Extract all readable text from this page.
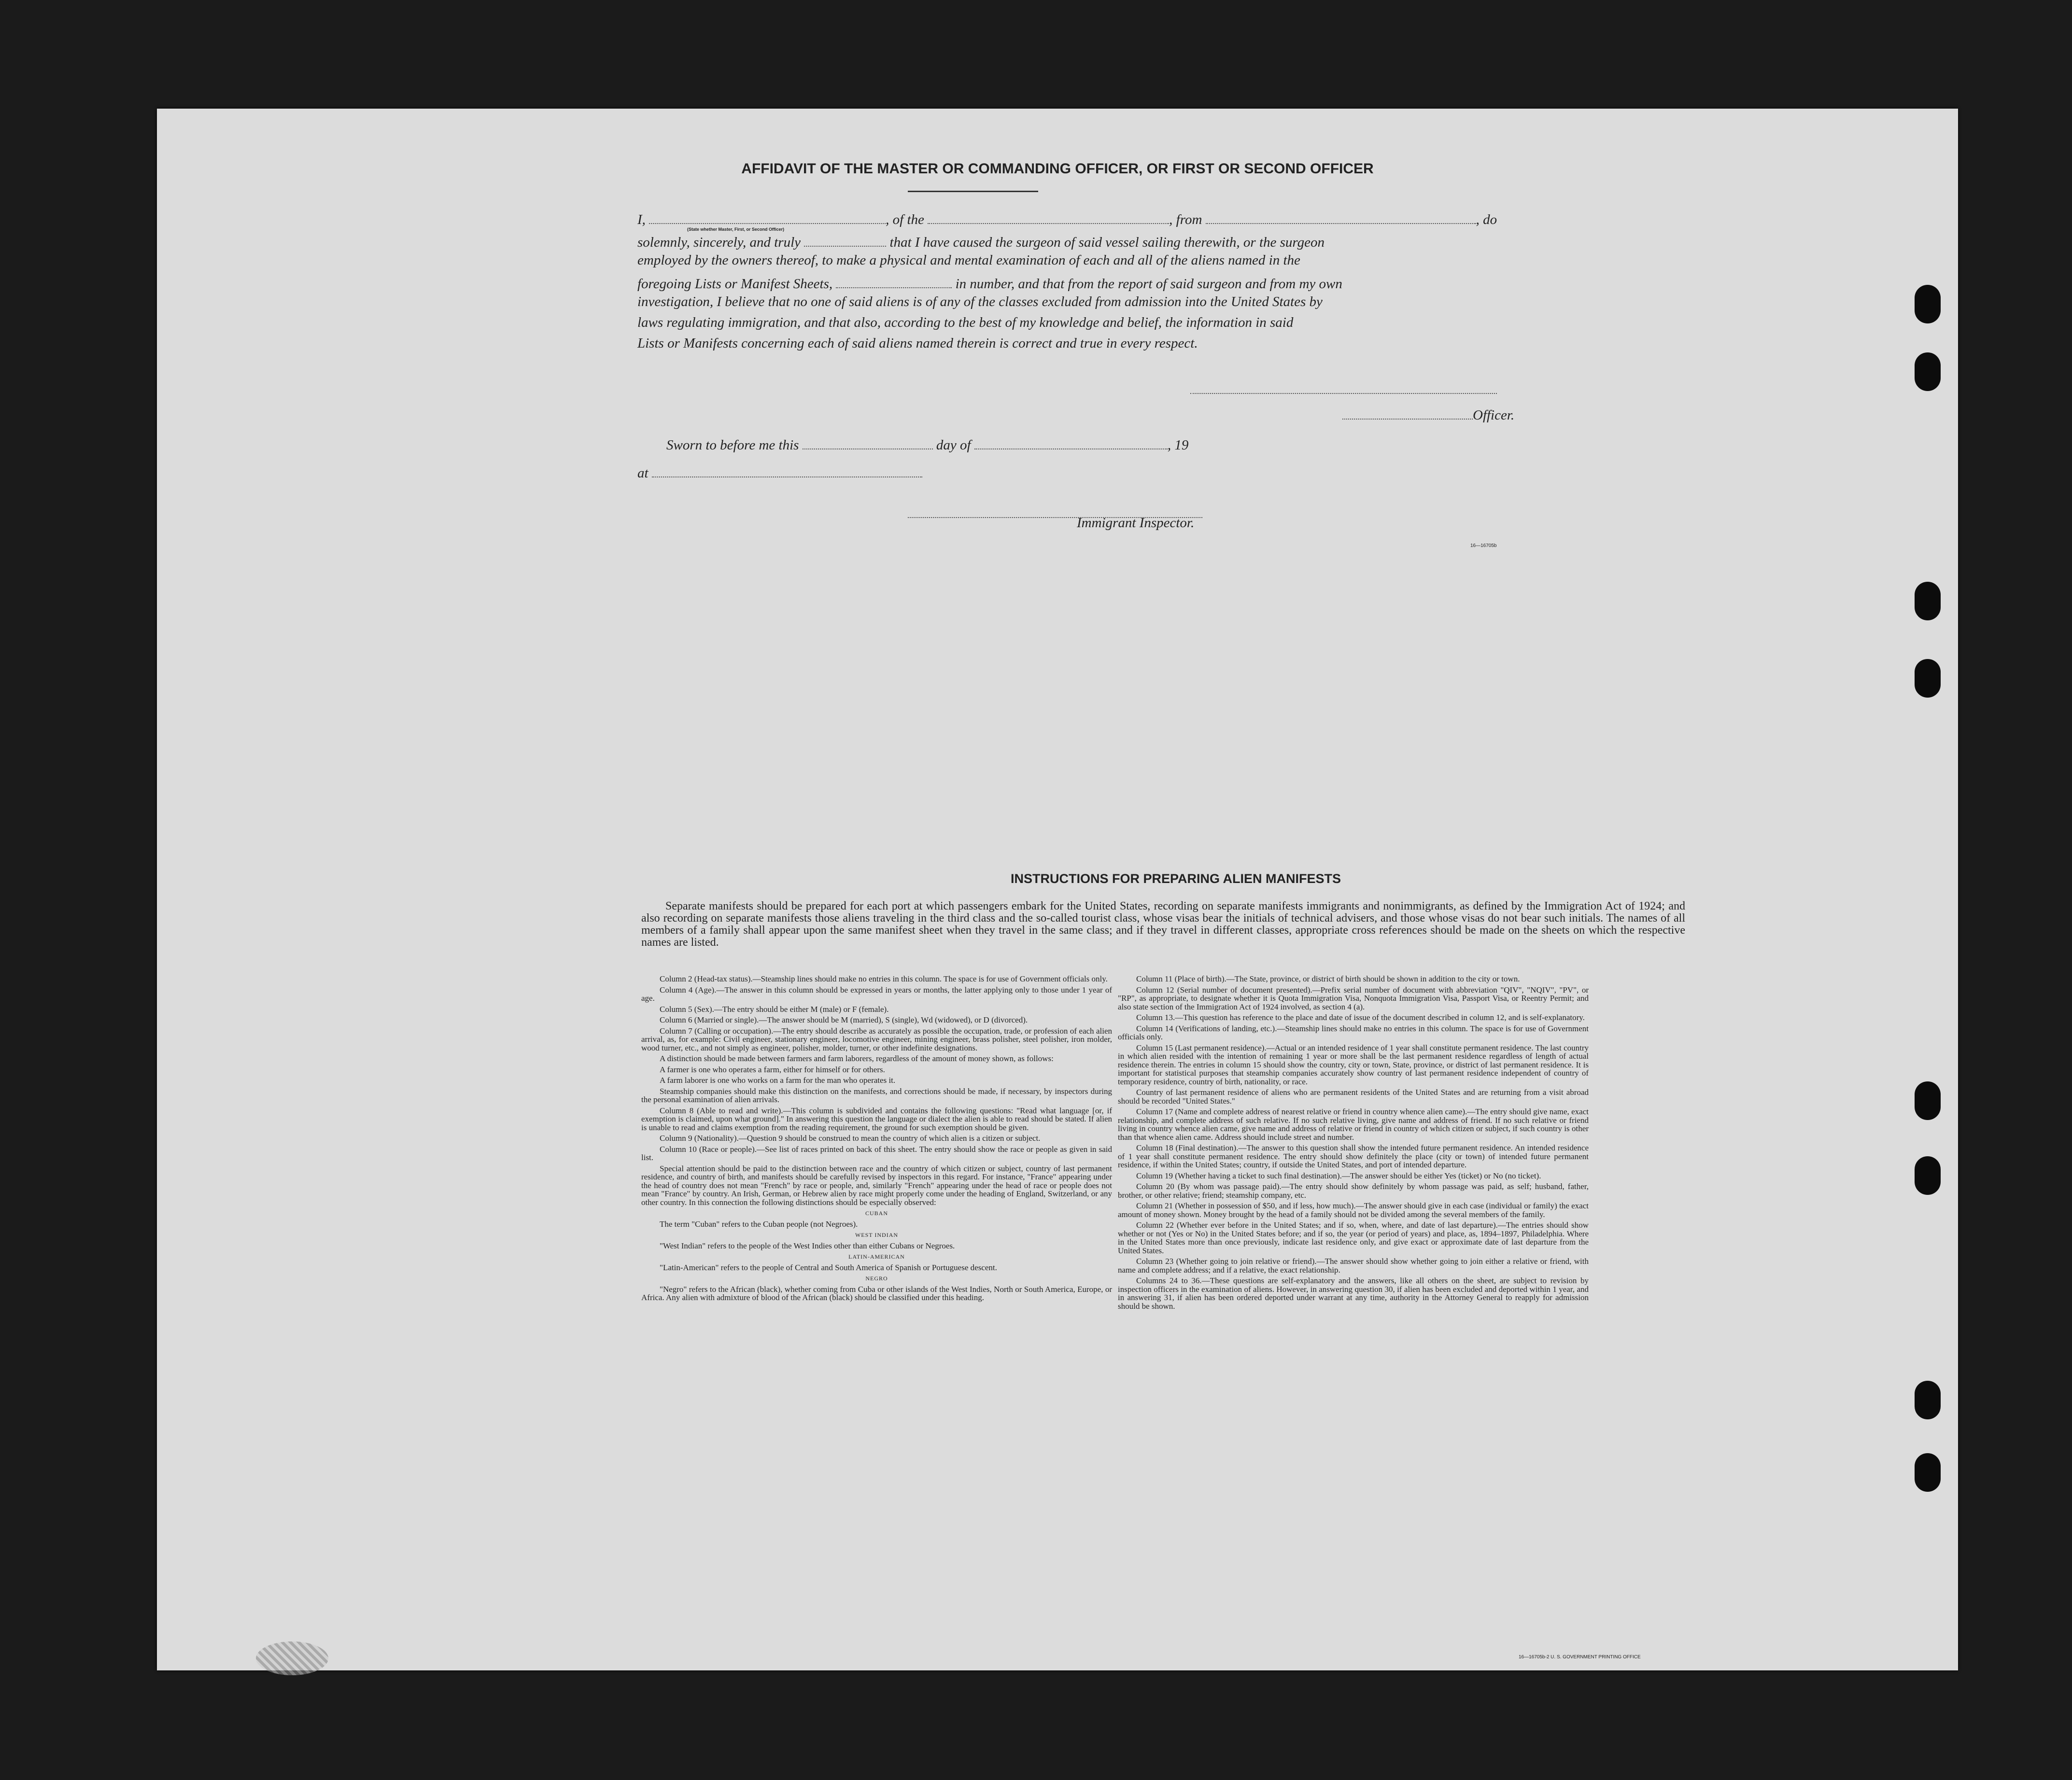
AFFIDAVIT OF THE MASTER OR COMMANDING OFFICER, OR FIRST OR SECOND OFFICER
I,	, of the	, from	, do
(State whether Master, First, or Second Officer)
solemnly, sincerely, and truly	that I have caused the surgeon of said vessel sailing therewith, or the surgeon
employed by the owners thereof, to make a physical and mental examination of each and all of the aliens named in the
foregoing Lists or Manifest Sheets,	in number, and that from the report of said surgeon and from my own
investigation, I believe that no one of said aliens is of any of the classes excluded from admission into the United States by
laws regulating immigration, and that also, according to the best of my knowledge and belief, the information in said
Lists or Manifests concerning each of said aliens named therein is correct and true in every respect.
Officer.
Sworn to before me this	day of	, 19
at
Immigrant Inspector.
16—16705b
INSTRUCTIONS FOR PREPARING ALIEN MANIFESTS
Separate manifests should be prepared for each port at which passengers embark for the United States, recording on separate manifests immigrants and nonimmigrants, as defined by the Immigration Act of 1924; and also recording on separate manifests those aliens traveling in the third class and the so-called tourist class, whose visas bear the initials of technical advisers, and those whose visas do not bear such initials. The names of all members of a family shall appear upon the same manifest sheet when they travel in the same class; and if they travel in different classes, appropriate cross references should be made on the sheets on which the respective names are listed.

Column 2 (Head-tax status).—Steamship lines should make no entries in this column. The space is for use of Government officials only.

Column 4 (Age).—The answer in this column should be expressed in years or months, the latter applying only to those under 1 year of age.

Column 5 (Sex).—The entry should be either M (male) or F (female).

Column 6 (Married or single).—The answer should be M (married), S (single), Wd (widowed), or D (divorced).

Column 7 (Calling or occupation).—The entry should describe as accurately as possible the occupation, trade, or profession of each alien arrival, as, for example: Civil engineer, stationary engineer, locomotive engineer, mining engineer, brass polisher, steel polisher, iron molder, wood turner, etc., and not simply as engineer, polisher, molder, turner, or other indefinite designations.

A distinction should be made between farmers and farm laborers, regardless of the amount of money shown, as follows:

A farmer is one who operates a farm, either for himself or for others.

A farm laborer is one who works on a farm for the man who operates it.

Steamship companies should make this distinction on the manifests, and corrections should be made, if necessary, by inspectors during the personal examination of alien arrivals.

Column 8 (Able to read and write).—This column is subdivided and contains the following questions: "Read what language [or, if exemption is claimed, upon what ground]." In answering this question the language or dialect the alien is able to read should be stated. If alien is unable to read and claims exemption from the reading requirement, the ground for such exemption should be given.

Column 9 (Nationality).—Question 9 should be construed to mean the country of which alien is a citizen or subject.

Column 10 (Race or people).—See list of races printed on back of this sheet. The entry should show the race or people as given in said list.

Special attention should be paid to the distinction between race and the country of which citizen or subject, country of last permanent residence, and country of birth, and manifests should be carefully revised by inspectors in this regard. For instance, "France" appearing under the head of country does not mean "French" by race or people, and, similarly "French" appearing under the head of race or people does not mean "France" by country. An Irish, German, or Hebrew alien by race might properly come under the heading of England, Switzerland, or any other country. In this connection the following distinctions should be especially observed:

CUBAN

The term "Cuban" refers to the Cuban people (not Negroes).

WEST INDIAN

"West Indian" refers to the people of the West Indies other than either Cubans or Negroes.

LATIN-AMERICAN

"Latin-American" refers to the people of Central and South America of Spanish or Portuguese descent.

NEGRO

"Negro" refers to the African (black), whether coming from Cuba or other islands of the West Indies, North or South America, Europe, or Africa. Any alien with admixture of blood of the African (black) should be classified under this heading.

Column 11 (Place of birth).—The State, province, or district of birth should be shown in addition to the city or town.

Column 12 (Serial number of document presented).—Prefix serial number of document with abbreviation "QIV", "NQIV", "PV", or "RP", as appropriate, to designate whether it is Quota Immigration Visa, Nonquota Immigration Visa, Passport Visa, or Reentry Permit; and also state section of the Immigration Act of 1924 involved, as section 4 (a).

Column 13.—This question has reference to the place and date of issue of the document described in column 12, and is self-explanatory.

Column 14 (Verifications of landing, etc.).—Steamship lines should make no entries in this column. The space is for use of Government officials only.

Column 15 (Last permanent residence).—Actual or an intended residence of 1 year shall constitute permanent residence. The last country in which alien resided with the intention of remaining 1 year or more shall be the last permanent residence regardless of length of actual residence therein. The entries in column 15 should show the country, city or town, State, province, or district of last permanent residence. It is important for statistical purposes that steamship companies accurately show country of last permanent residence independent of country of temporary residence, country of birth, nationality, or race.

Country of last permanent residence of aliens who are permanent residents of the United States and are returning from a visit abroad should be recorded "United States."

Column 17 (Name and complete address of nearest relative or friend in country whence alien came).—The entry should give name, exact relationship, and complete address of such relative. If no such relative living, give name and address of friend. If no such relative or friend living in country whence alien came, give name and address of relative or friend in country of which citizen or subject, if such country is other than that whence alien came. Address should include street and number.

Column 18 (Final destination).—The answer to this question shall show the intended future permanent residence. An intended residence of 1 year shall constitute permanent residence. The entry should show definitely the place (city or town) of intended future permanent residence, if within the United States; country, if outside the United States, and port of intended departure.

Column 19 (Whether having a ticket to such final destination).—The answer should be either Yes (ticket) or No (no ticket).

Column 20 (By whom was passage paid).—The entry should show definitely by whom passage was paid, as self; husband, father, brother, or other relative; friend; steamship company, etc.

Column 21 (Whether in possession of $50, and if less, how much).—The answer should give in each case (individual or family) the exact amount of money shown. Money brought by the head of a family should not be divided among the several members of the family.

Column 22 (Whether ever before in the United States; and if so, when, where, and date of last departure).—The entries should show whether or not (Yes or No) in the United States before; and if so, the year (or period of years) and place, as, 1894–1897, Philadelphia. Where in the United States more than once previously, indicate last residence only, and give exact or approximate date of last departure from the United States.

Column 23 (Whether going to join relative or friend).—The answer should show whether going to join either a relative or friend, with name and complete address; and if a relative, the exact relationship.

Columns 24 to 36.—These questions are self-explanatory and the answers, like all others on the sheet, are subject to revision by inspection officers in the examination of aliens. However, in answering question 30, if alien has been excluded and deported within 1 year, and in answering 31, if alien has been ordered deported under warrant at any time, authority in the Attorney General to reapply for admission should be shown.

16—16705b-2 U. S. GOVERNMENT PRINTING OFFICE
